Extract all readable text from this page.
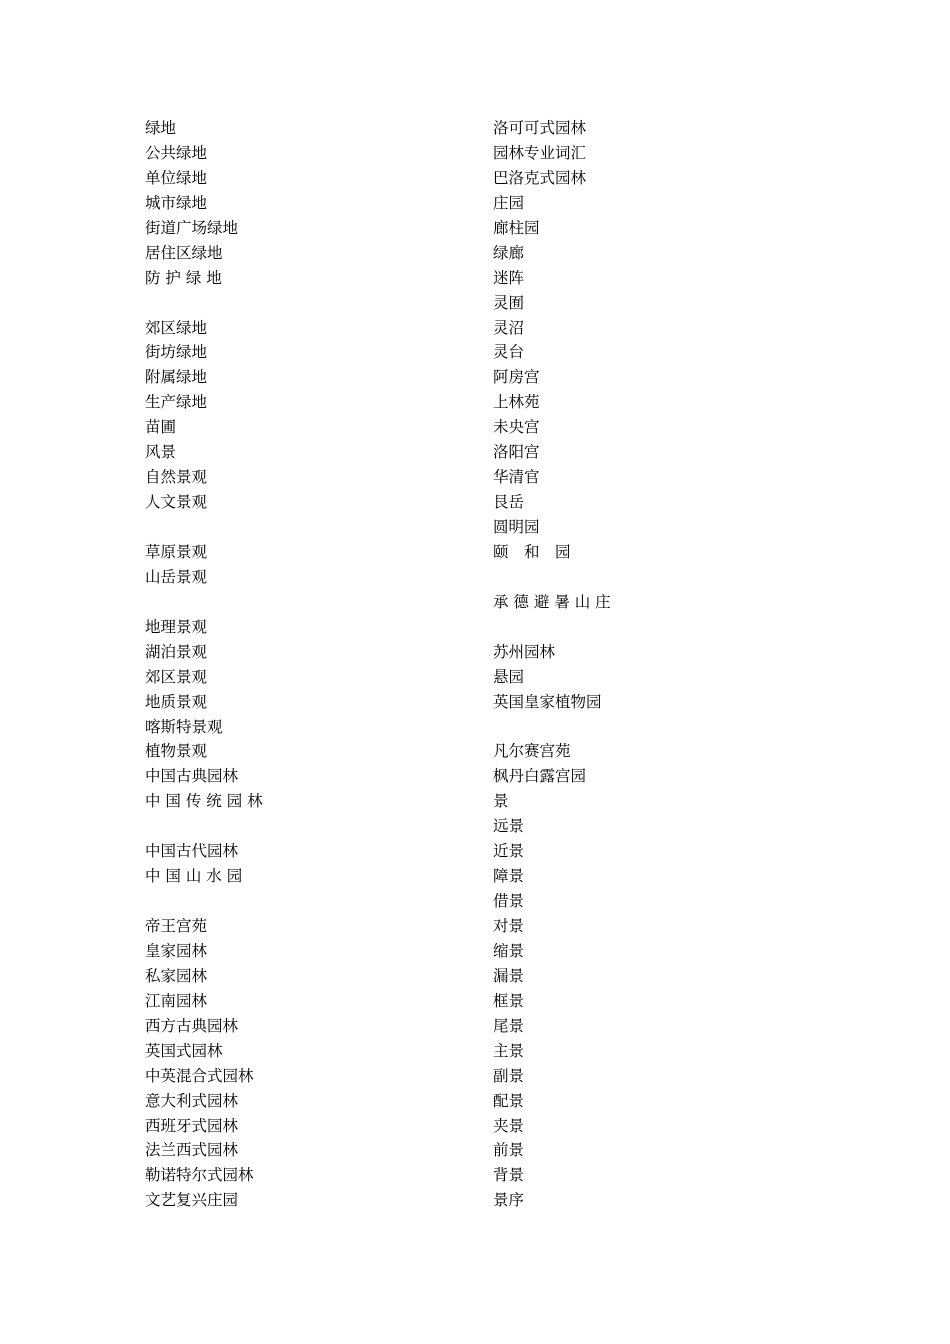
绿地
公共绿地
单位绿地
城市绿地
街道广场绿地
居住区绿地
防 护 绿 地
郊区绿地
街坊绿地
附属绿地
生产绿地
苗圃
风景
自然景观
人文景观
草原景观
山岳景观
地理景观
湖泊景观
郊区景观
地质景观
喀斯特景观
植物景观
中国古典园林
中 国 传 统 园 林
中国古代园林
中 国 山 水 园
帝王宫苑
皇家园林
私家园林
江南园林
西方古典园林
英国式园林
中英混合式园林
意大利式园林
西班牙式园林
法兰西式园林
勒诺特尔式园林
文艺复兴庄园
洛可可式园林
园林专业词汇
巴洛克式园林
庄园
廊柱园
绿廊
迷阵
灵囿
灵沼
灵台
阿房宫
上林苑
未央宫
洛阳宫
华清官
艮岳
圆明园
颐　和　园
承 德 避 暑 山 庄
苏州园林
悬园
英国皇家植物园
凡尔赛宫苑
枫丹白露宫园
景
远景
近景
障景
借景
对景
缩景
漏景
框景
尾景
主景
副景
配景
夹景
前景
背景
景序
